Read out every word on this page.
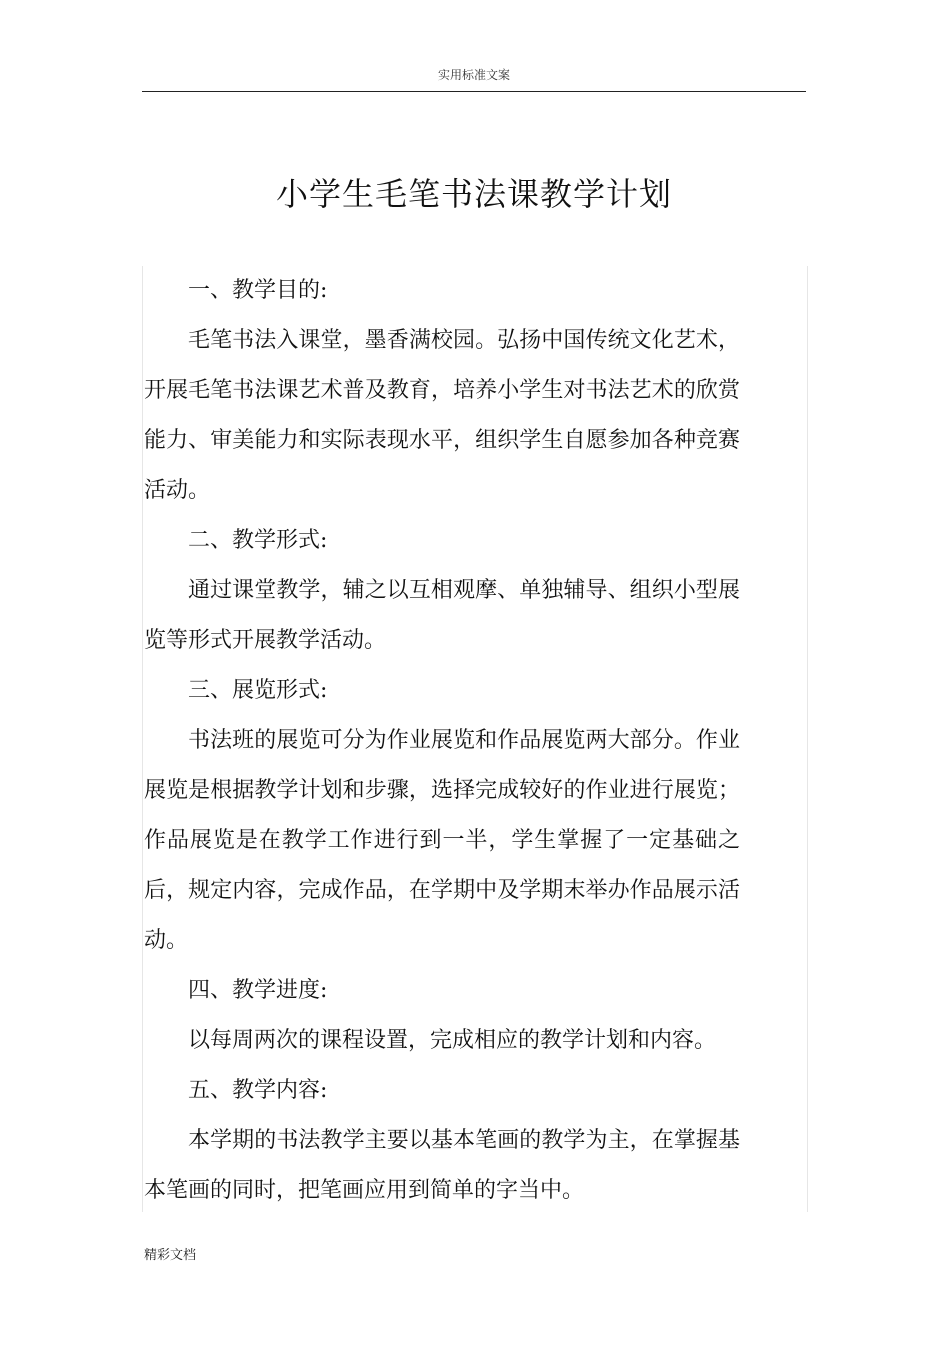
实用标准文案
小学生毛笔书法课教学计划

一、教学目的:

毛笔书法入课堂，墨香满校园。弘扬中国传统文化艺术，开展毛笔书法课艺术普及教育，培养小学生对书法艺术的欣赏能力、审美能力和实际表现水平，组织学生自愿参加各种竞赛活动。

二、教学形式:

通过课堂教学，辅之以互相观摩、单独辅导、组织小型展览等形式开展教学活动。

三、展览形式:

书法班的展览可分为作业展览和作品展览两大部分。作业展览是根据教学计划和步骤，选择完成较好的作业进行展览；作品展览是在教学工作进行到一半，学生掌握了一定基础之后，规定内容，完成作品，在学期中及学期末举办作品展示活动。

四、教学进度:

以每周两次的课程设置，完成相应的教学计划和内容。

五、教学内容:

本学期的书法教学主要以基本笔画的教学为主，在掌握基本笔画的同时，把笔画应用到简单的字当中。

精彩文档
